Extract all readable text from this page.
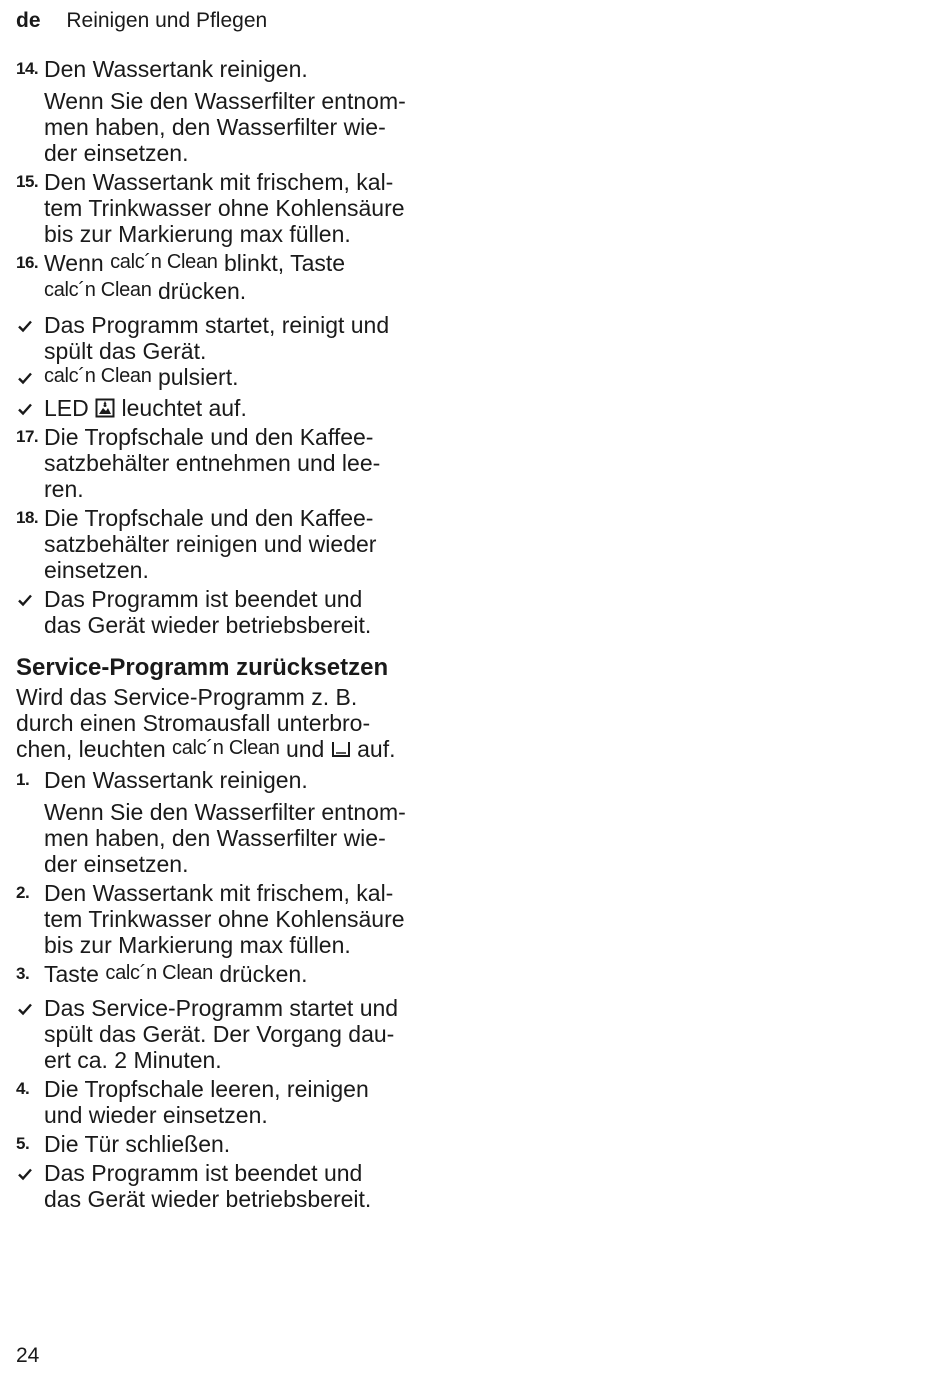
de Reinigen und Pflegen
14. Den Wassertank reinigen.
Wenn Sie den Wasserfilter entnom-
men haben, den Wasserfilter wie-
der einsetzen.
15. Den Wassertank mit frischem, kal-
tem Trinkwasser ohne Kohlensäure
bis zur Markierung max füllen.
16. Wenn calc´n Clean blinkt, Taste
calc´n Clean drücken.
Das Programm startet, reinigt und
spült das Gerät.
calc´n Clean pulsiert.
LED  leuchtet auf.
17. Die Tropfschale und den Kaffee-
satzbehälter entnehmen und lee-
ren.
18. Die Tropfschale und den Kaffee-
satzbehälter reinigen und wieder
einsetzen.
Das Programm ist beendet und
das Gerät wieder betriebsbereit.
Service-Programm zurücksetzen
Wird das Service-Programm z. B.
durch einen Stromausfall unterbro-
chen, leuchten calc´n Clean und  auf.
1. Den Wassertank reinigen.
Wenn Sie den Wasserfilter entnom-
men haben, den Wasserfilter wie-
der einsetzen.
2. Den Wassertank mit frischem, kal-
tem Trinkwasser ohne Kohlensäure
bis zur Markierung max füllen.
3. Taste calc´n Clean drücken.
Das Service-Programm startet und
spült das Gerät. Der Vorgang dau-
ert ca. 2 Minuten.
4. Die Tropfschale leeren, reinigen
und wieder einsetzen.
5. Die Tür schließen.
Das Programm ist beendet und
das Gerät wieder betriebsbereit.
24
